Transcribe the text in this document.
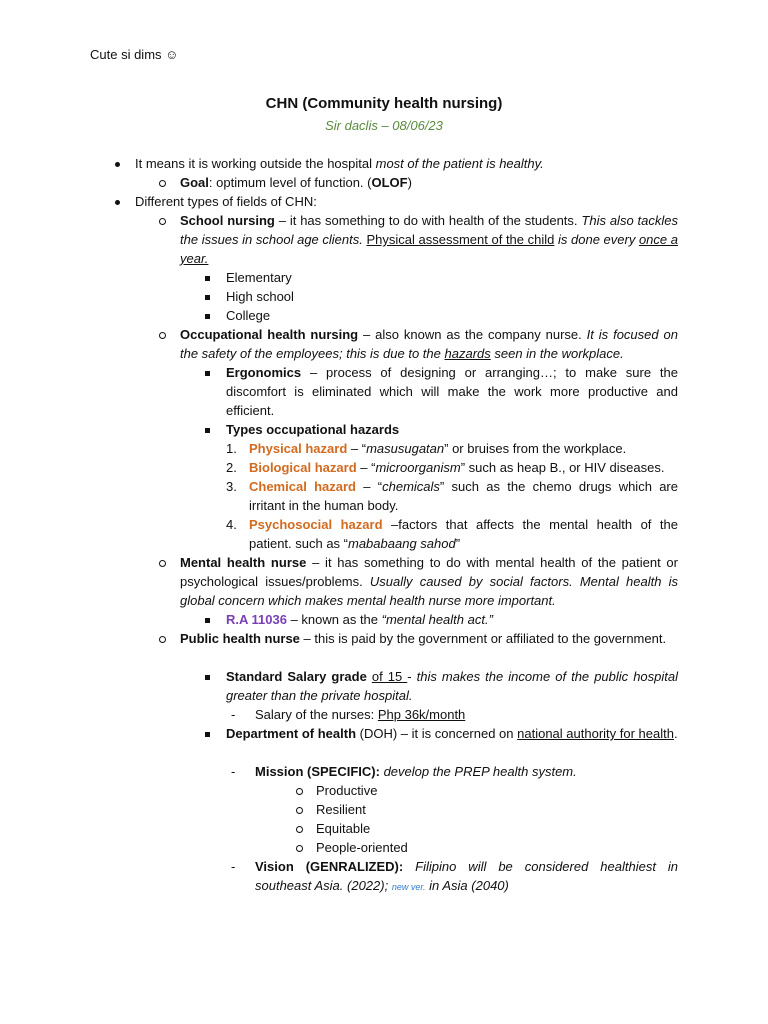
Cute si dims ☺
CHN (Community health nursing)
Sir daclis – 08/06/23
It means it is working outside the hospital most of the patient is healthy.
Goal: optimum level of function. (OLOF)
Different types of fields of CHN:
School nursing – it has something to do with health of the students. This also tackles the issues in school age clients. Physical assessment of the child is done every once a year.
Elementary
High school
College
Occupational health nursing – also known as the company nurse. It is focused on the safety of the employees; this is due to the hazards seen in the workplace.
Ergonomics – process of designing or arranging…; to make sure the discomfort is eliminated which will make the work more productive and efficient.
Types occupational hazards
1. Physical hazard – “masusugatan” or bruises from the workplace.
2. Biological hazard – “microorganism” such as heap B., or HIV diseases.
3. Chemical hazard – “chemicals” such as the chemo drugs which are irritant in the human body.
4. Psychosocial hazard –factors that affects the mental health of the patient. such as “mababaang sahod”
Mental health nurse – it has something to do with mental health of the patient or psychological issues/problems. Usually caused by social factors. Mental health is global concern which makes mental health nurse more important.
R.A 11036 – known as the “mental health act.”
Public health nurse – this is paid by the government or affiliated to the government.
Standard Salary grade of 15 - this makes the income of the public hospital greater than the private hospital.
- Salary of the nurses: Php 36k/month
Department of health (DOH) – it is concerned on national authority for health.
- Mission (SPECIFIC): develop the PREP health system.
Productive
Resilient
Equitable
People-oriented
- Vision (GENRALIZED): Filipino will be considered healthiest in southeast Asia. (2022); new ver. in Asia (2040)
